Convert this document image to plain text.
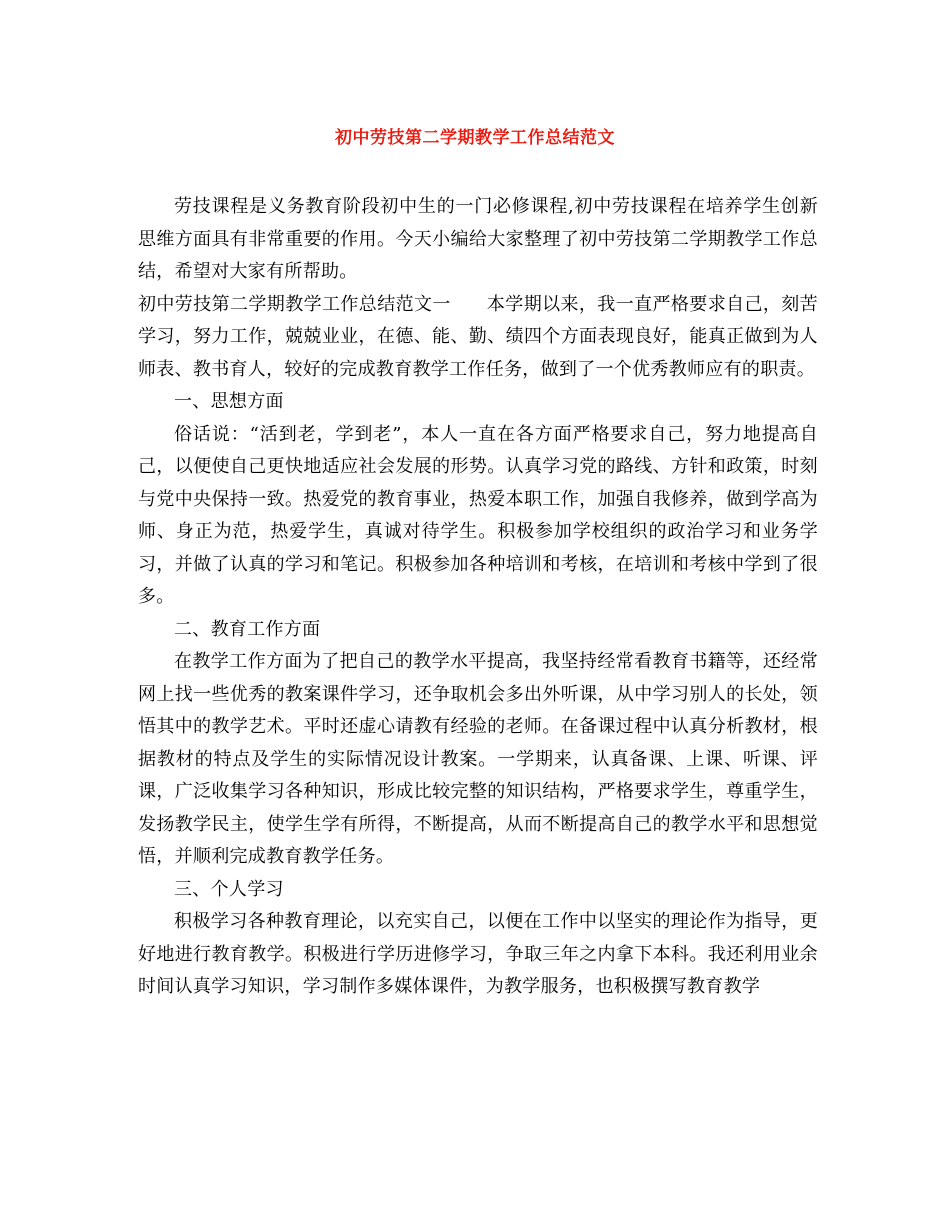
初中劳技第二学期教学工作总结范文

劳技课程是义务教育阶段初中生的一门必修课程,初中劳技课程在培养学生创新思维方面具有非常重要的作用。今天小编给大家整理了初中劳技第二学期教学工作总结，希望对大家有所帮助。

初中劳技第二学期教学工作总结范文一 本学期以来，我一直严格要求自己，刻苦学习，努力工作，兢兢业业，在德、能、勤、绩四个方面表现良好，能真正做到为人师表、教书育人，较好的完成教育教学工作任务，做到了一个优秀教师应有的职责。

一、思想方面

俗话说：“活到老，学到老”，本人一直在各方面严格要求自己，努力地提高自己，以便使自己更快地适应社会发展的形势。认真学习党的路线、方针和政策，时刻与党中央保持一致。热爱党的教育事业，热爱本职工作，加强自我修养，做到学高为师、身正为范，热爱学生，真诚对待学生。积极参加学校组织的政治学习和业务学习，并做了认真的学习和笔记。积极参加各种培训和考核，在培训和考核中学到了很多。

二、教育工作方面

在教学工作方面为了把自己的教学水平提高，我坚持经常看教育书籍等，还经常网上找一些优秀的教案课件学习，还争取机会多出外听课，从中学习别人的长处，领悟其中的教学艺术。平时还虚心请教有经验的老师。在备课过程中认真分析教材，根据教材的特点及学生的实际情况设计教案。一学期来，认真备课、上课、听课、评课，广泛收集学习各种知识，形成比较完整的知识结构，严格要求学生，尊重学生，发扬教学民主，使学生学有所得，不断提高，从而不断提高自己的教学水平和思想觉悟，并顺利完成教育教学任务。

三、个人学习

积极学习各种教育理论，以充实自己，以便在工作中以坚实的理论作为指导，更好地进行教育教学。积极进行学历进修学习，争取三年之内拿下本科。我还利用业余时间认真学习知识，学习制作多媒体课件，为教学服务，也积极撰写教育教学
